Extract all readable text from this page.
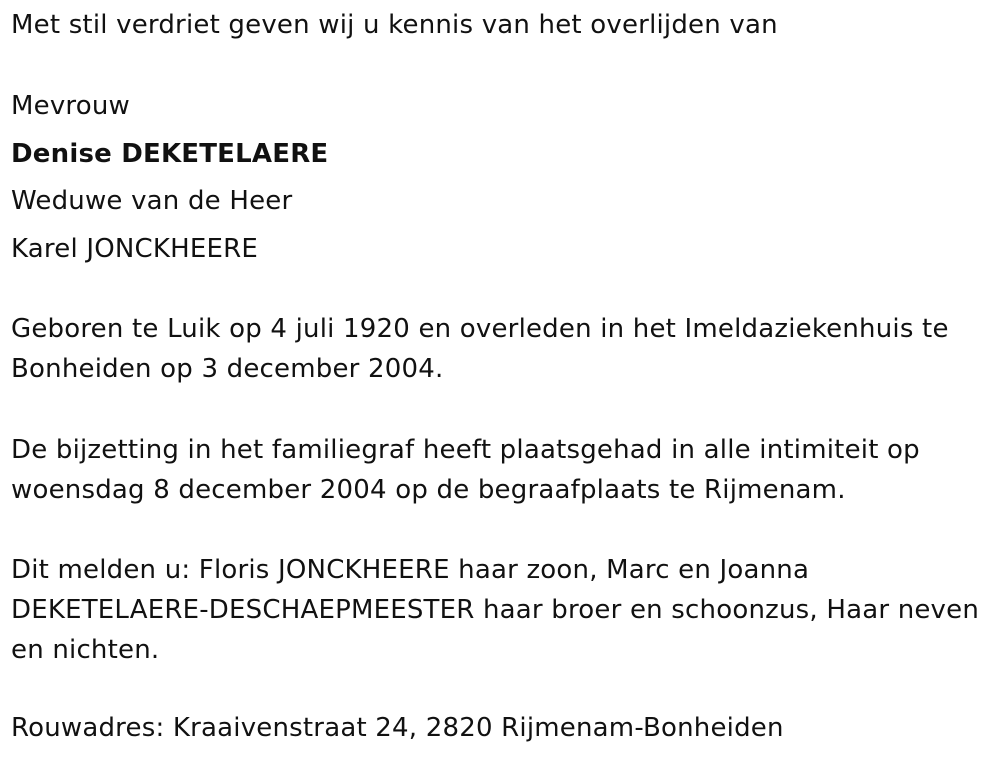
Met stil verdriet geven wij u kennis van het overlijden van
Mevrouw
Denise DEKETELAERE
Weduwe van de Heer
Karel JONCKHEERE
Geboren te Luik op 4 juli 1920 en overleden in het Imeldaziekenhuis te
Bonheiden op 3 december 2004.
De bijzetting in het familiegraf heeft plaatsgehad in alle intimiteit op
woensdag 8 december 2004 op de begraafplaats te Rijmenam.
Dit melden u: Floris JONCKHEERE haar zoon, Marc en Joanna
DEKETELAERE-DESCHAEPMEESTER haar broer en schoonzus, Haar neven
en nichten.
Rouwadres: Kraaivenstraat 24, 2820 Rijmenam-Bonheiden
